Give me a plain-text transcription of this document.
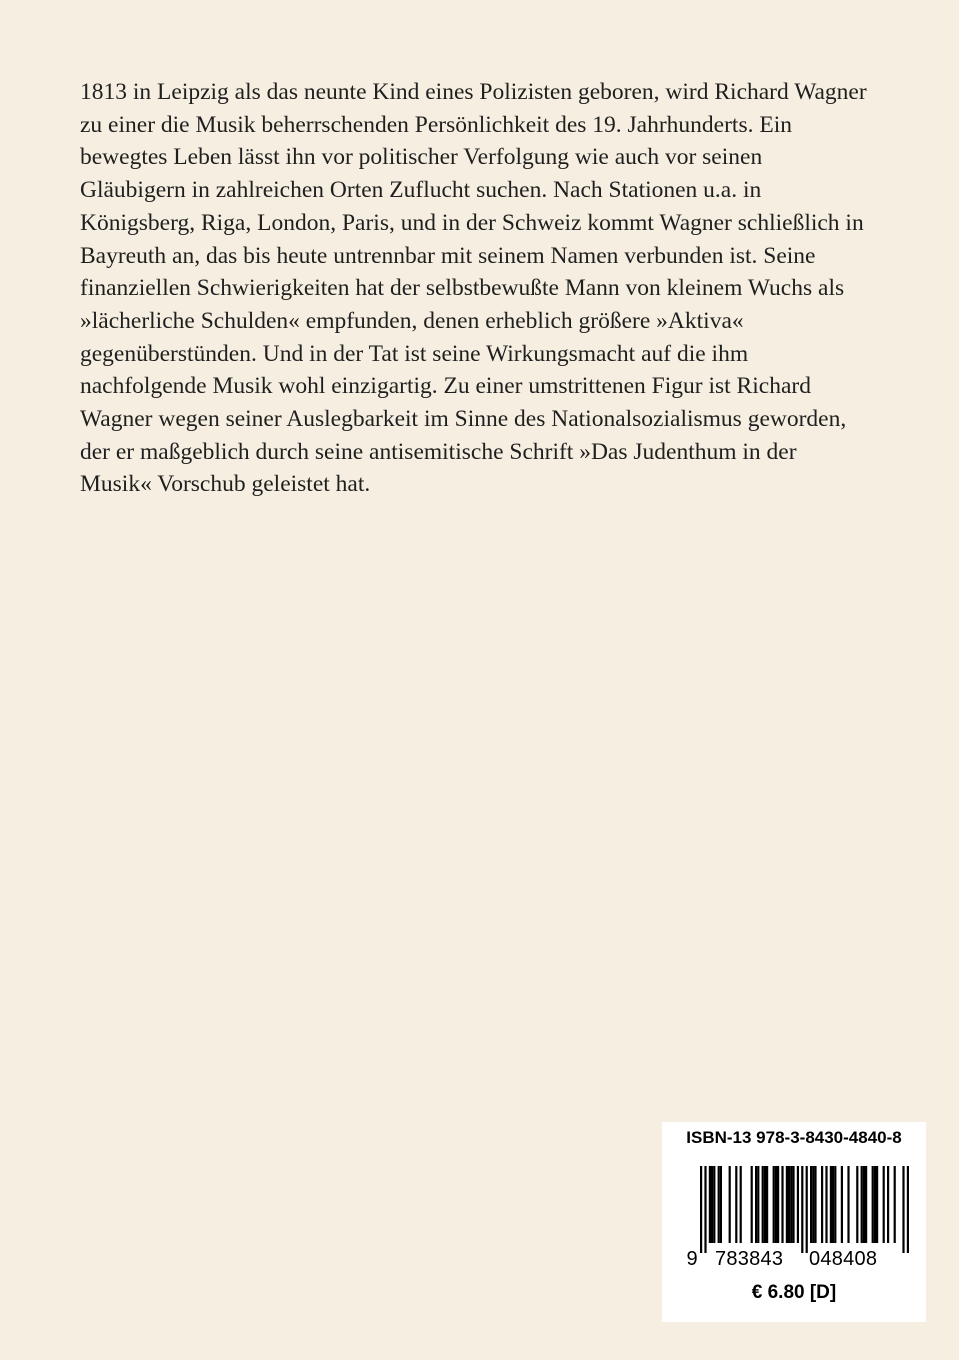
1813 in Leipzig als das neunte Kind eines Polizisten geboren, wird Richard Wagner
zu einer die Musik beherrschenden Persönlichkeit des 19. Jahrhunderts. Ein
bewegtes Leben lässt ihn vor politischer Verfolgung wie auch vor seinen
Gläubigern in zahlreichen Orten Zuflucht suchen. Nach Stationen u.a. in
Königsberg, Riga, London, Paris, und in der Schweiz kommt Wagner schließlich in
Bayreuth an, das bis heute untrennbar mit seinem Namen verbunden ist. Seine
finanziellen Schwierigkeiten hat der selbstbewußte Mann von kleinem Wuchs als
»lächerliche Schulden« empfunden, denen erheblich größere »Aktiva«
gegenüberstünden. Und in der Tat ist seine Wirkungsmacht auf die ihm
nachfolgende Musik wohl einzigartig. Zu einer umstrittenen Figur ist Richard
Wagner wegen seiner Auslegbarkeit im Sinne des Nationalsozialismus geworden,
der er maßgeblich durch seine antisemitische Schrift »Das Judenthum in der
Musik« Vorschub geleistet hat.
ISBN-13 978-3-8430-4840-8
9 783843 048408
€ 6.80 [D]
